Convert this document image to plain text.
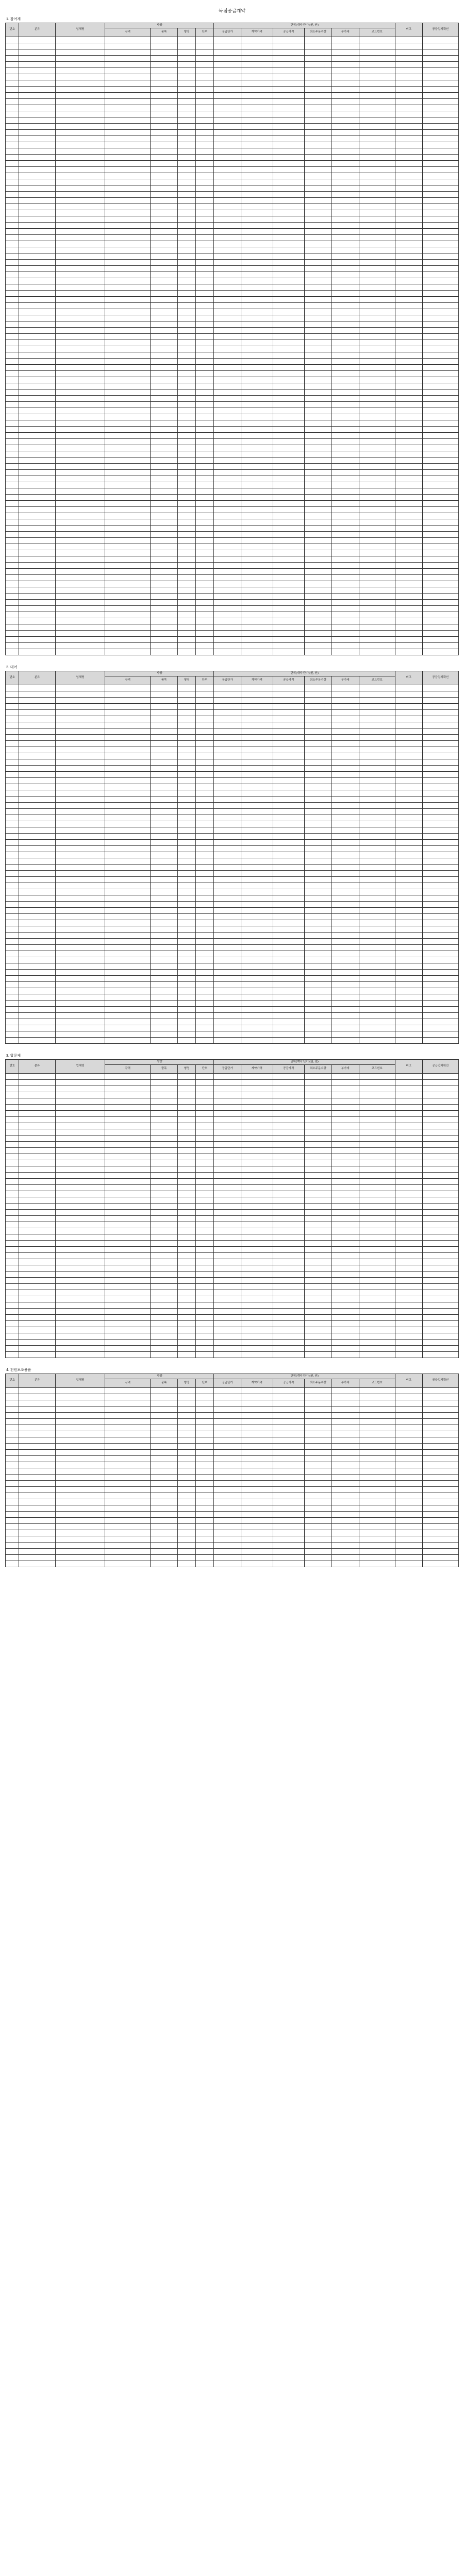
독점공급계약
1. 참여제
번호	분류	업체명	사양				단위(계약 단가)(원, 원)						비고	공급업체확인
			규격	품목	형명	단위	공급단가	계약가격	공급가격	최소주문수량	부가세	코드번호		

2. 대여
번호	분류	업체명	사양				단위(계약 단가)(원, 원)						비고	공급업체확인
			규격	품목	형명	단위	공급단가	계약가격	공급가격	최소주문수량	부가세	코드번호		

3. 합류제
번호	분류	업체명	사양				단위(계약 단가)(원, 원)						비고	공급업체확인
			규격	품목	형명	단위	공급단가	계약가격	공급가격	최소주문수량	부가세	코드번호		

4. 전원보조용품
번호	분류	업체명	사양				단위(계약 단가)(원, 원)						비고	공급업체확인
			규격	품목	형명	단위	공급단가	계약가격	공급가격	최소주문수량	부가세	코드번호		
